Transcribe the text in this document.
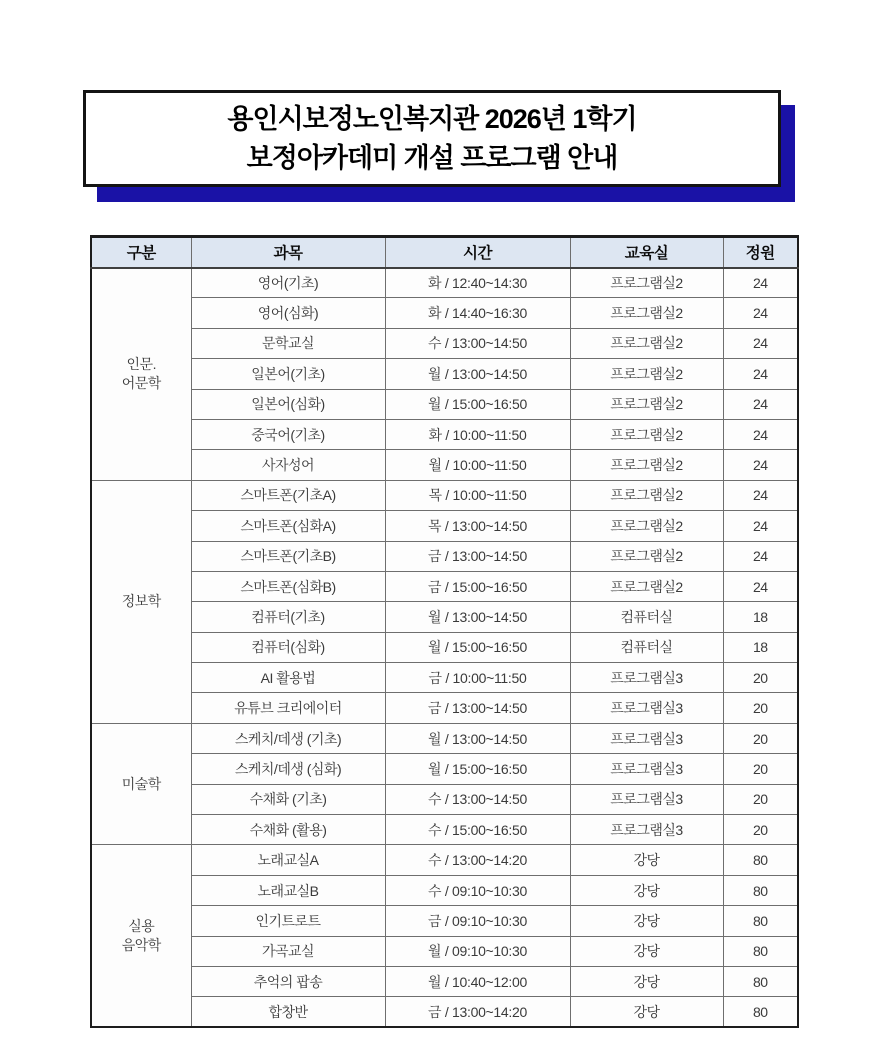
용인시보정노인복지관 2026년 1학기
보정아카데미 개설 프로그램 안내
구분	과목	시간	교육실	정원
인문.
어문학	영어(기초)	화 / 12:40~14:30	프로그램실2	24
	영어(심화)	화 / 14:40~16:30	프로그램실2	24
	문학교실	수 / 13:00~14:50	프로그램실2	24
	일본어(기초)	월 / 13:00~14:50	프로그램실2	24
	일본어(심화)	월 / 15:00~16:50	프로그램실2	24
	중국어(기초)	화 / 10:00~11:50	프로그램실2	24
	사자성어	월 / 10:00~11:50	프로그램실2	24
정보학	스마트폰(기초A)	목 / 10:00~11:50	프로그램실2	24
	스마트폰(심화A)	목 / 13:00~14:50	프로그램실2	24
	스마트폰(기초B)	금 / 13:00~14:50	프로그램실2	24
	스마트폰(심화B)	금 / 15:00~16:50	프로그램실2	24
	컴퓨터(기초)	월 / 13:00~14:50	컴퓨터실	18
	컴퓨터(심화)	월 / 15:00~16:50	컴퓨터실	18
	AI 활용법	금 / 10:00~11:50	프로그램실3	20
	유튜브 크리에이터	금 / 13:00~14:50	프로그램실3	20
미술학	스케치/데생 (기초)	월 / 13:00~14:50	프로그램실3	20
	스케치/데생 (심화)	월 / 15:00~16:50	프로그램실3	20
	수채화 (기초)	수 / 13:00~14:50	프로그램실3	20
	수채화 (활용)	수 / 15:00~16:50	프로그램실3	20
실용
음악학	노래교실A	수 / 13:00~14:20	강당	80
	노래교실B	수 / 09:10~10:30	강당	80
	인기트로트	금 / 09:10~10:30	강당	80
	가곡교실	월 / 09:10~10:30	강당	80
	추억의 팝송	월 / 10:40~12:00	강당	80
	합창반	금 / 13:00~14:20	강당	80
